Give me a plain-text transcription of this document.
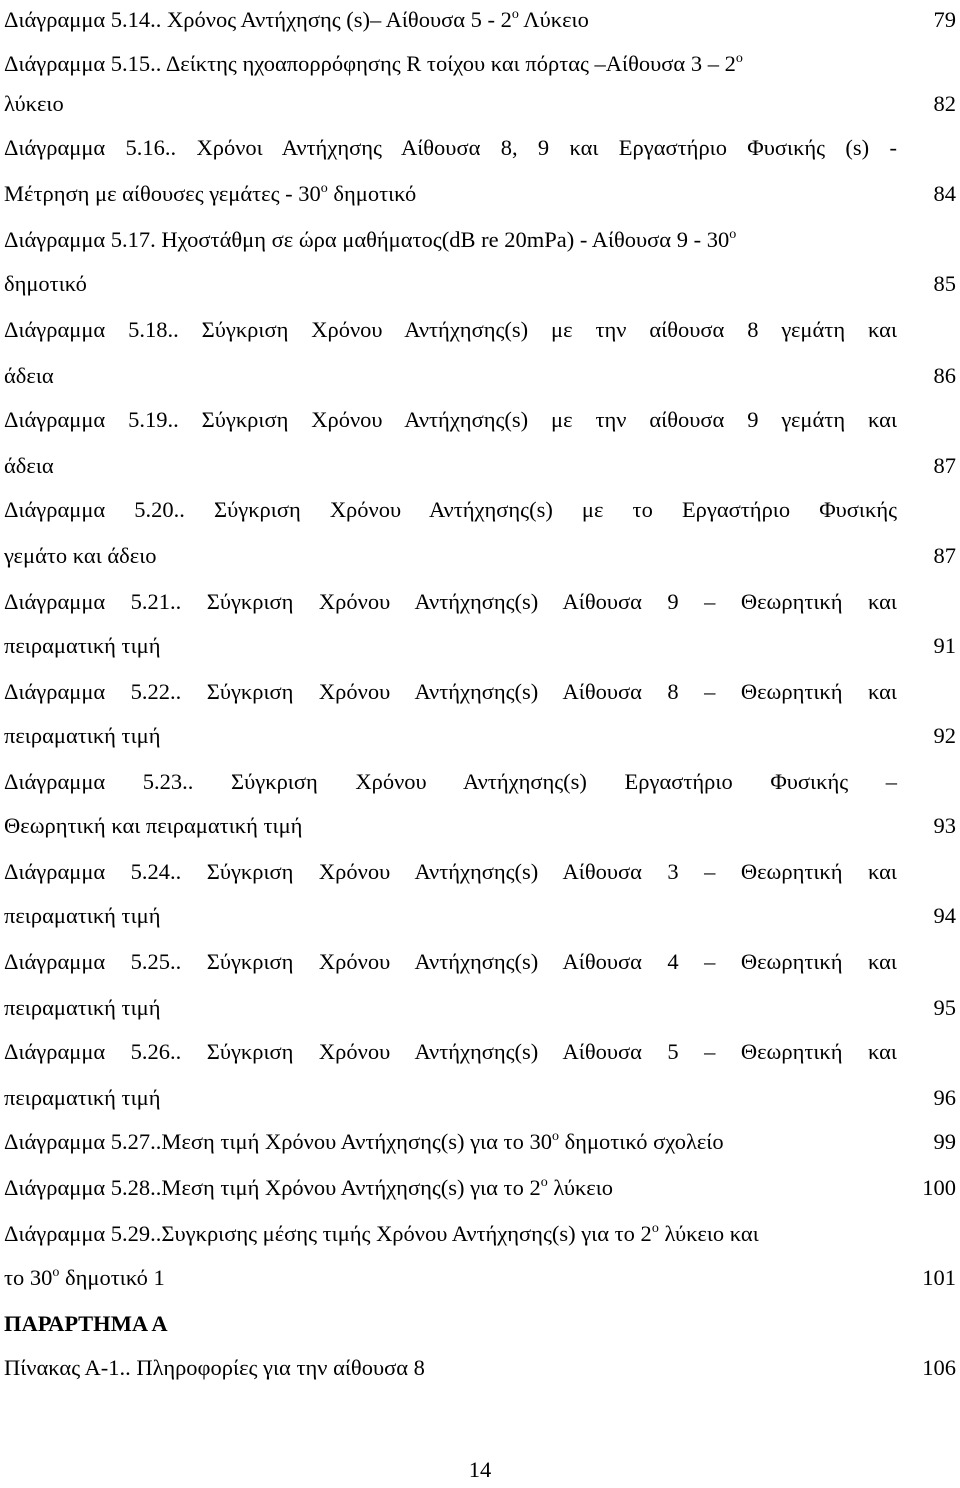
Διάγραμμα 5.14.. Χρόνος Αντήχησης (s)– Αίθουσα $5 - 2^o$ Λύκειο	79
Διάγραμμα 5.15.. Δείκτης ηχοαπορρόφησης R τοίχου και πόρτας –Αίθουσα $3 - 2^o$
λύκειο	82
Διάγραμμα 5.16.. Χρόνοι Αντήχησης Αίθουσα 8, 9 και Εργαστήριο Φυσικής (s) -
Μέτρηση με αίθουσες γεμάτες - $30^o$ δημοτικό	84
Διάγραμμα 5.17. Ηχοστάθμη σε ώρα μαθήματος(dB re 20mPa) - Αίθουσα $9 - 30^o$
δημοτικό	85
Διάγραμμα 5.18.. Σύγκριση Χρόνου Αντήχησης(s) με την αίθουσα 8 γεμάτη και
άδεια	86
Διάγραμμα 5.19.. Σύγκριση Χρόνου Αντήχησης(s) με την αίθουσα 9 γεμάτη και
άδεια	87
Διάγραμμα 5.20.. Σύγκριση Χρόνου Αντήχησης(s) με το Εργαστήριο Φυσικής
γεμάτο και άδειο	87
Διάγραμμα 5.21.. Σύγκριση Χρόνου Αντήχησης(s) Αίθουσα 9 – Θεωρητική και
πειραματική τιμή	91
Διάγραμμα 5.22.. Σύγκριση Χρόνου Αντήχησης(s) Αίθουσα 8 – Θεωρητική και
πειραματική τιμή	92
Διάγραμμα 5.23.. Σύγκριση Χρόνου Αντήχησης(s) Εργαστήριο Φυσικής –
Θεωρητική και πειραματική τιμή	93
Διάγραμμα 5.24.. Σύγκριση Χρόνου Αντήχησης(s) Αίθουσα 3 – Θεωρητική και
πειραματική τιμή	94
Διάγραμμα 5.25.. Σύγκριση Χρόνου Αντήχησης(s) Αίθουσα 4 – Θεωρητική και
πειραματική τιμή	95
Διάγραμμα 5.26.. Σύγκριση Χρόνου Αντήχησης(s) Αίθουσα 5 – Θεωρητική και
πειραματική τιμή	96
Διάγραμμα 5.27..Μεση τιμή Χρόνου Αντήχησης(s) για το $30^o$ δημοτικό σχολείο	99
Διάγραμμα 5.28..Μεση τιμή Χρόνου Αντήχησης(s) για το $2^o$ λύκειο	100
Διάγραμμα 5.29..Συγκρισης μέσης τιμής Χρόνου Αντήχησης(s) για το $2^o$ λύκειο και
το $30^o$ δημοτικό 1	101
ΠΑΡΑΡΤΗΜΑ Α
Πίνακας Α-1.. Πληροφορίες για την αίθουσα 8	106
14
